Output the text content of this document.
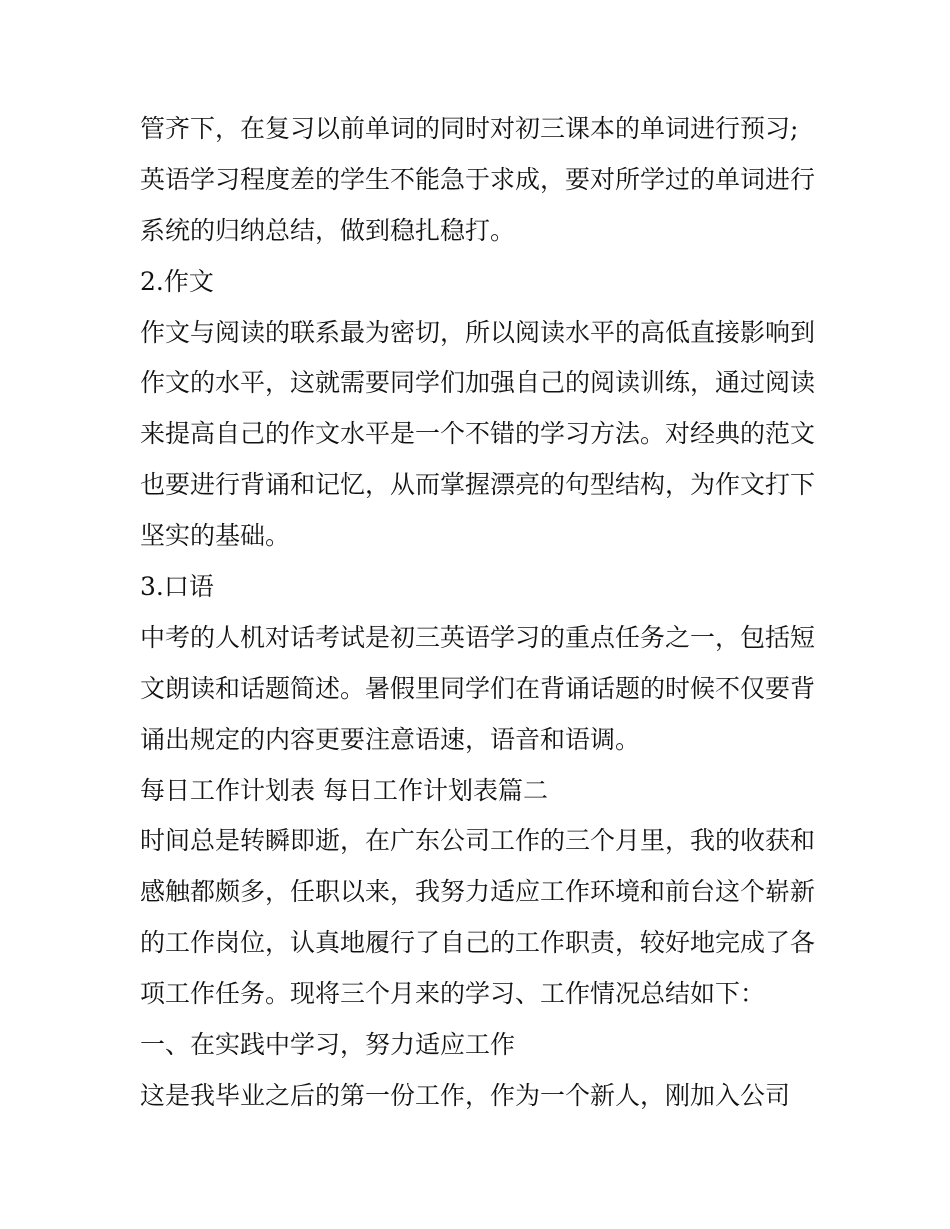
管齐下，在复习以前单词的同时对初三课本的单词进行预习;

英语学习程度差的学生不能急于求成，要对所学过的单词进行

系统的归纳总结，做到稳扎稳打。

2.作文

作文与阅读的联系最为密切，所以阅读水平的高低直接影响到

作文的水平，这就需要同学们加强自己的阅读训练，通过阅读

来提高自己的作文水平是一个不错的学习方法。对经典的范文

也要进行背诵和记忆，从而掌握漂亮的句型结构，为作文打下

坚实的基础。

3.口语

中考的人机对话考试是初三英语学习的重点任务之一，包括短

文朗读和话题简述。暑假里同学们在背诵话题的时候不仅要背

诵出规定的内容更要注意语速，语音和语调。

每日工作计划表 每日工作计划表篇二

时间总是转瞬即逝，在广东公司工作的三个月里，我的收获和

感触都颇多，任职以来，我努力适应工作环境和前台这个崭新

的工作岗位，认真地履行了自己的工作职责，较好地完成了各

项工作任务。现将三个月来的学习、工作情况总结如下：

一、在实践中学习，努力适应工作

这是我毕业之后的第一份工作，作为一个新人，刚加入公司
